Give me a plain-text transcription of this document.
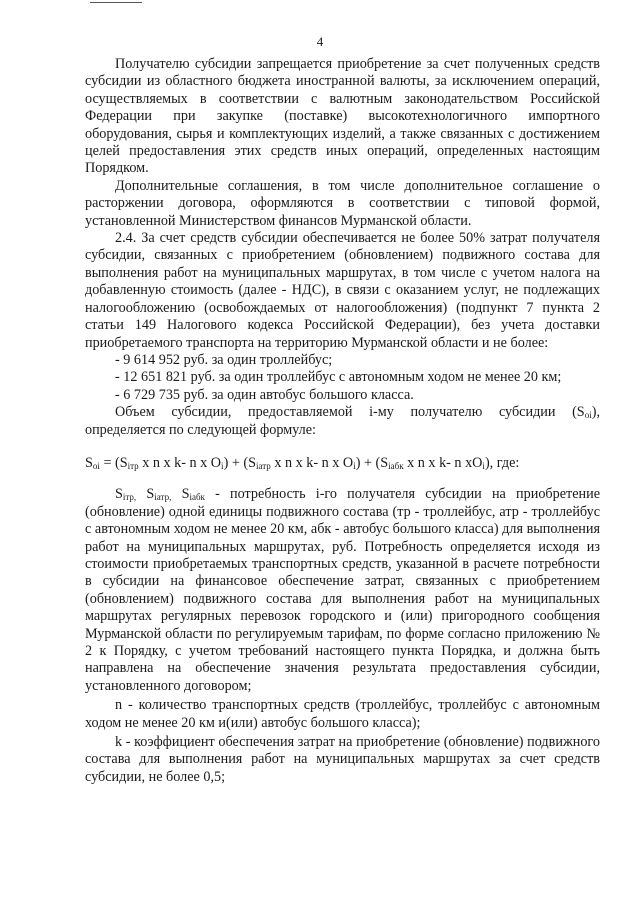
4

Получателю субсидии запрещается приобретение за счет полученных средств субсидии из областного бюджета иностранной валюты, за исключением операций, осуществляемых в соответствии с валютным законодательством Российской Федерации при закупке (поставке) высокотехнологичного импортного оборудования, сырья и комплектующих изделий, а также связанных с достижением целей предоставления этих средств иных операций, определенных настоящим Порядком.

Дополнительные соглашения, в том числе дополнительное соглашение о расторжении договора, оформляются в соответствии с типовой формой, установленной Министерством финансов Мурманской области.

2.4. За счет средств субсидии обеспечивается не более 50% затрат получателя субсидии, связанных с приобретением (обновлением) подвижного состава для выполнения работ на муниципальных маршрутах, в том числе с учетом налога на добавленную стоимость (далее - НДС), в связи с оказанием услуг, не подлежащих налогообложению (освобождаемых от налогообложения) (подпункт 7 пункта 2 статьи 149 Налогового кодекса Российской Федерации), без учета доставки приобретаемого транспорта на территорию Мурманской области и не более:

- 9 614 952 руб. за один троллейбус;

- 12 651 821 руб. за один троллейбус с автономным ходом не менее 20 км;

- 6 729 735 руб. за один автобус большого класса.

Объем субсидии, предоставляемой i-му получателю субсидии $(S_{oi})$, определяется по следующей формуле:

$S_{oi} = (S_{iтр}$ x n x k- n x $O_i) + (S_{iатр}$ x n x k- n x $O_i) + (S_{iабк}$ x n x k- n $xO_i$), где:

$S_{iтр,}$ $S_{iатр,}$ $S_{iабк}$ - потребность i-го получателя субсидии на приобретение (обновление) одной единицы подвижного состава (тр - троллейбус, атр - троллейбус с автономным ходом не менее 20 км, абк - автобус большого класса) для выполнения работ на муниципальных маршрутах, руб. Потребность определяется исходя из стоимости приобретаемых транспортных средств, указанной в расчете потребности в субсидии на финансовое обеспечение затрат, связанных с приобретением (обновлением) подвижного состава для выполнения работ на муниципальных маршрутах регулярных перевозок городского и (или) пригородного сообщения Мурманской области по регулируемым тарифам, по форме согласно приложению № 2 к Порядку, с учетом требований настоящего пункта Порядка, и должна быть направлена на обеспечение значения результата предоставления субсидии, установленного договором;

n - количество транспортных средств (троллейбус, троллейбус с автономным ходом не менее 20 км и(или) автобус большого класса);

k - коэффициент обеспечения затрат на приобретение (обновление) подвижного состава для выполнения работ на муниципальных маршрутах за счет средств субсидии, не более 0,5;
